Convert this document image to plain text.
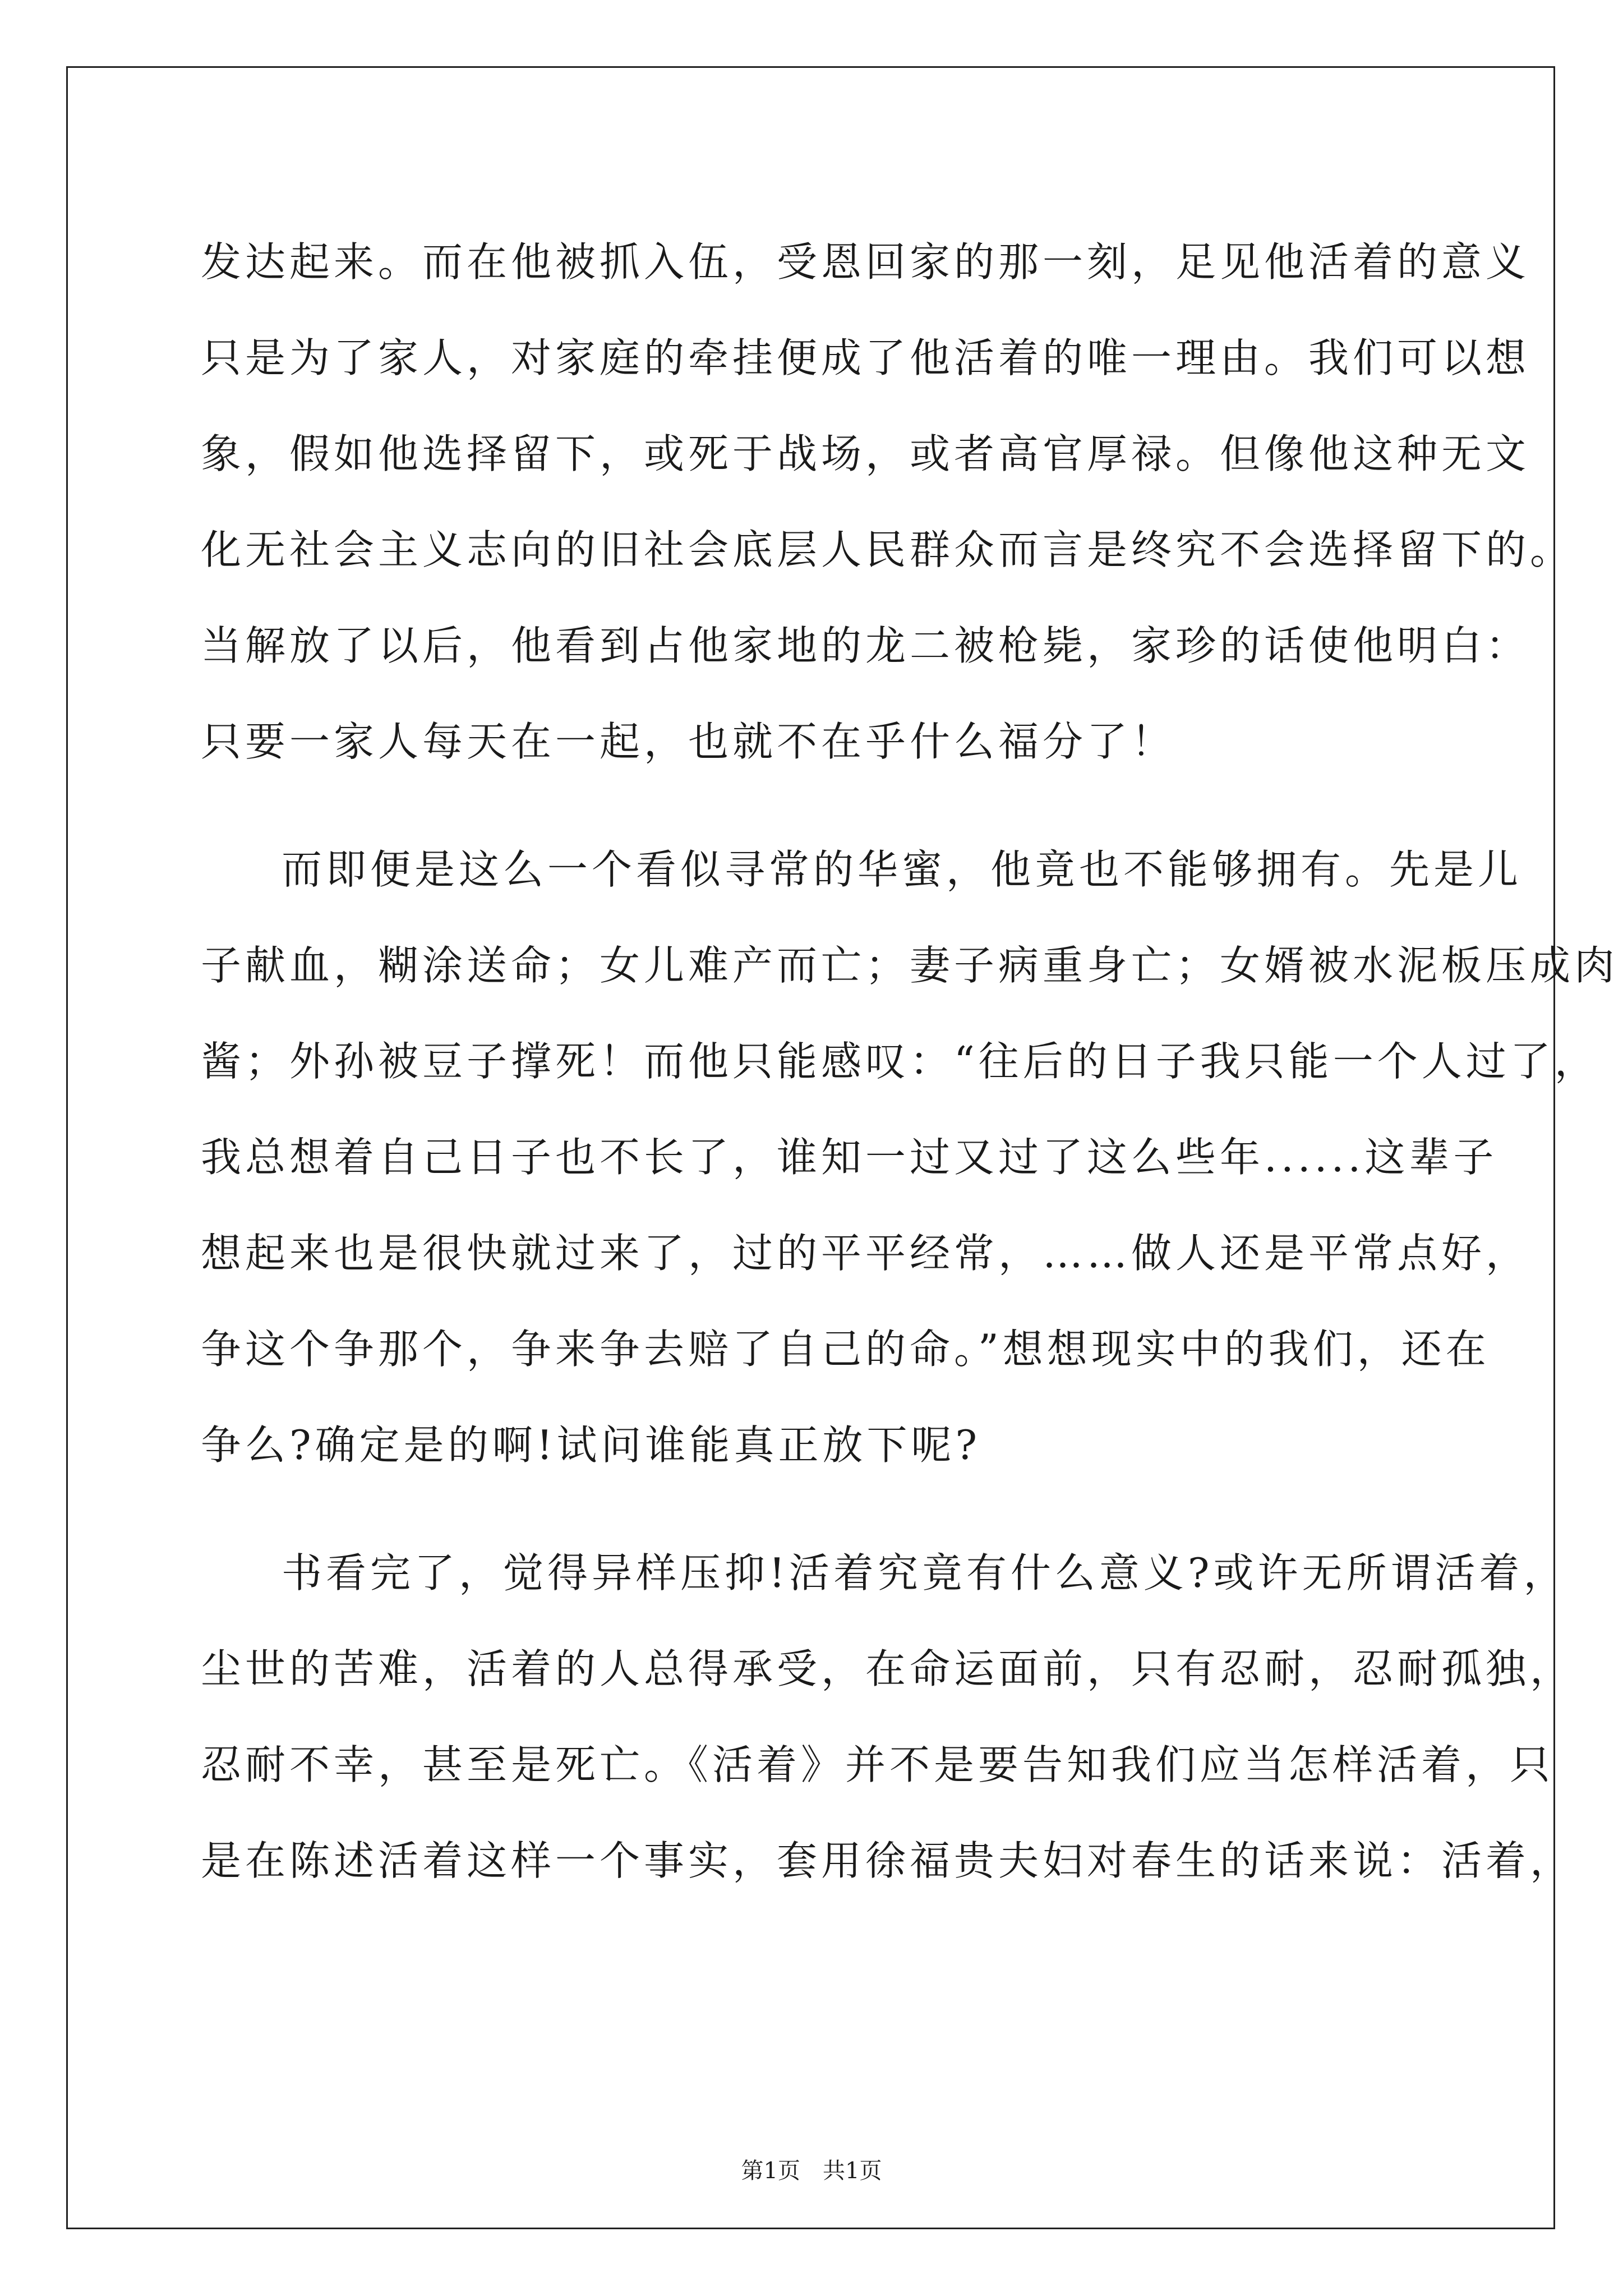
发达起来。而在他被抓入伍，受恩回家的那一刻，足见他活着的意义
只是为了家人，对家庭的牵挂便成了他活着的唯一理由。我们可以想
象，假如他选择留下，或死于战场，或者高官厚禄。但像他这种无文
化无社会主义志向的旧社会底层人民群众而言是终究不会选择留下的。
当解放了以后，他看到占他家地的龙二被枪毙，家珍的话使他明白：
只要一家人每天在一起，也就不在乎什么福分了！
而即便是这么一个看似寻常的华蜜，他竟也不能够拥有。先是儿
子献血，糊涂送命；女儿难产而亡；妻子病重身亡；女婿被水泥板压成肉
酱；外孙被豆子撑死！而他只能感叹：“往后的日子我只能一个人过了，
我总想着自己日子也不长了，谁知一过又过了这么些年......这辈子
想起来也是很快就过来了，过的平平经常，……做人还是平常点好，
争这个争那个，争来争去赔了自己的命。”想想现实中的我们，还在
争么?确定是的啊!试问谁能真正放下呢?
书看完了，觉得异样压抑!活着究竟有什么意义?或许无所谓活着，
尘世的苦难，活着的人总得承受，在命运面前，只有忍耐，忍耐孤独，
忍耐不幸，甚至是死亡。《活着》并不是要告知我们应当怎样活着，只
是在陈述活着这样一个事实，套用徐福贵夫妇对春生的话来说：活着，
第1页　共1页
